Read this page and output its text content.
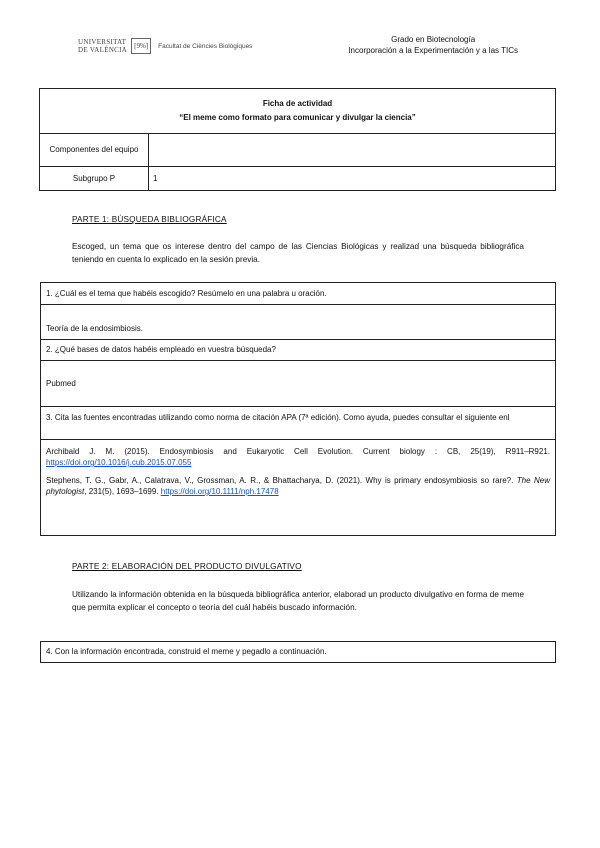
UNIVERSITAT
DE VALÈNCIA	[9%]	Facultat de Ciències Biològiques
Grado en Biotecnología
Incorporación a la Experimentación y a las TICs
Ficha de actividad
“El meme como formato para comunicar y divulgar la ciencia”	

Componentes del equipo	
Subgrupo P	1
PARTE 1: BÚSQUEDA BIBLIOGRÁFICA
Escoged, un tema que os interese dentro del campo de las Ciencias Biológicas y realizad una búsqueda bibliográfica teniendo en cuenta lo explicado en la sesión previa.
1. ¿Cuál es el tema que habéis escogido? Resúmelo en una palabra u oración.
Teoría de la endosimbiosis.
2. ¿Qué bases de datos habéis empleado en vuestra búsqueda?
Pubmed
3. Cita las fuentes encontradas utilizando como norma de citación APA (7ª edición). Como ayuda, puedes consultar el siguiente enl

Archibald J. M. (2015). Endosymbiosis and Eukaryotic Cell Evolution. Current biology : CB, 25(19), R911–R921. https://doi.org/10.1016/j.cub.2015.07.055

Stephens, T. G., Gabr, A., Calatrava, V., Grossman, A. R., & Bhattacharya, D. (2021). Why is primary endosymbiosis so rare?. The New phytologist, 231(5), 1693–1699. https://doi.org/10.1111/nph.17478

PARTE 2: ELABORACIÓN DEL PRODUCTO DIVULGATIVO
Utilizando la información obtenida en la búsqueda bibliográfica anterior, elaborad un producto divulgativo en forma de meme que permita explicar el concepto o teoría del cuál habéis buscado información.
4. Con la información encontrada, construid el meme y pegadlo a continuación.
